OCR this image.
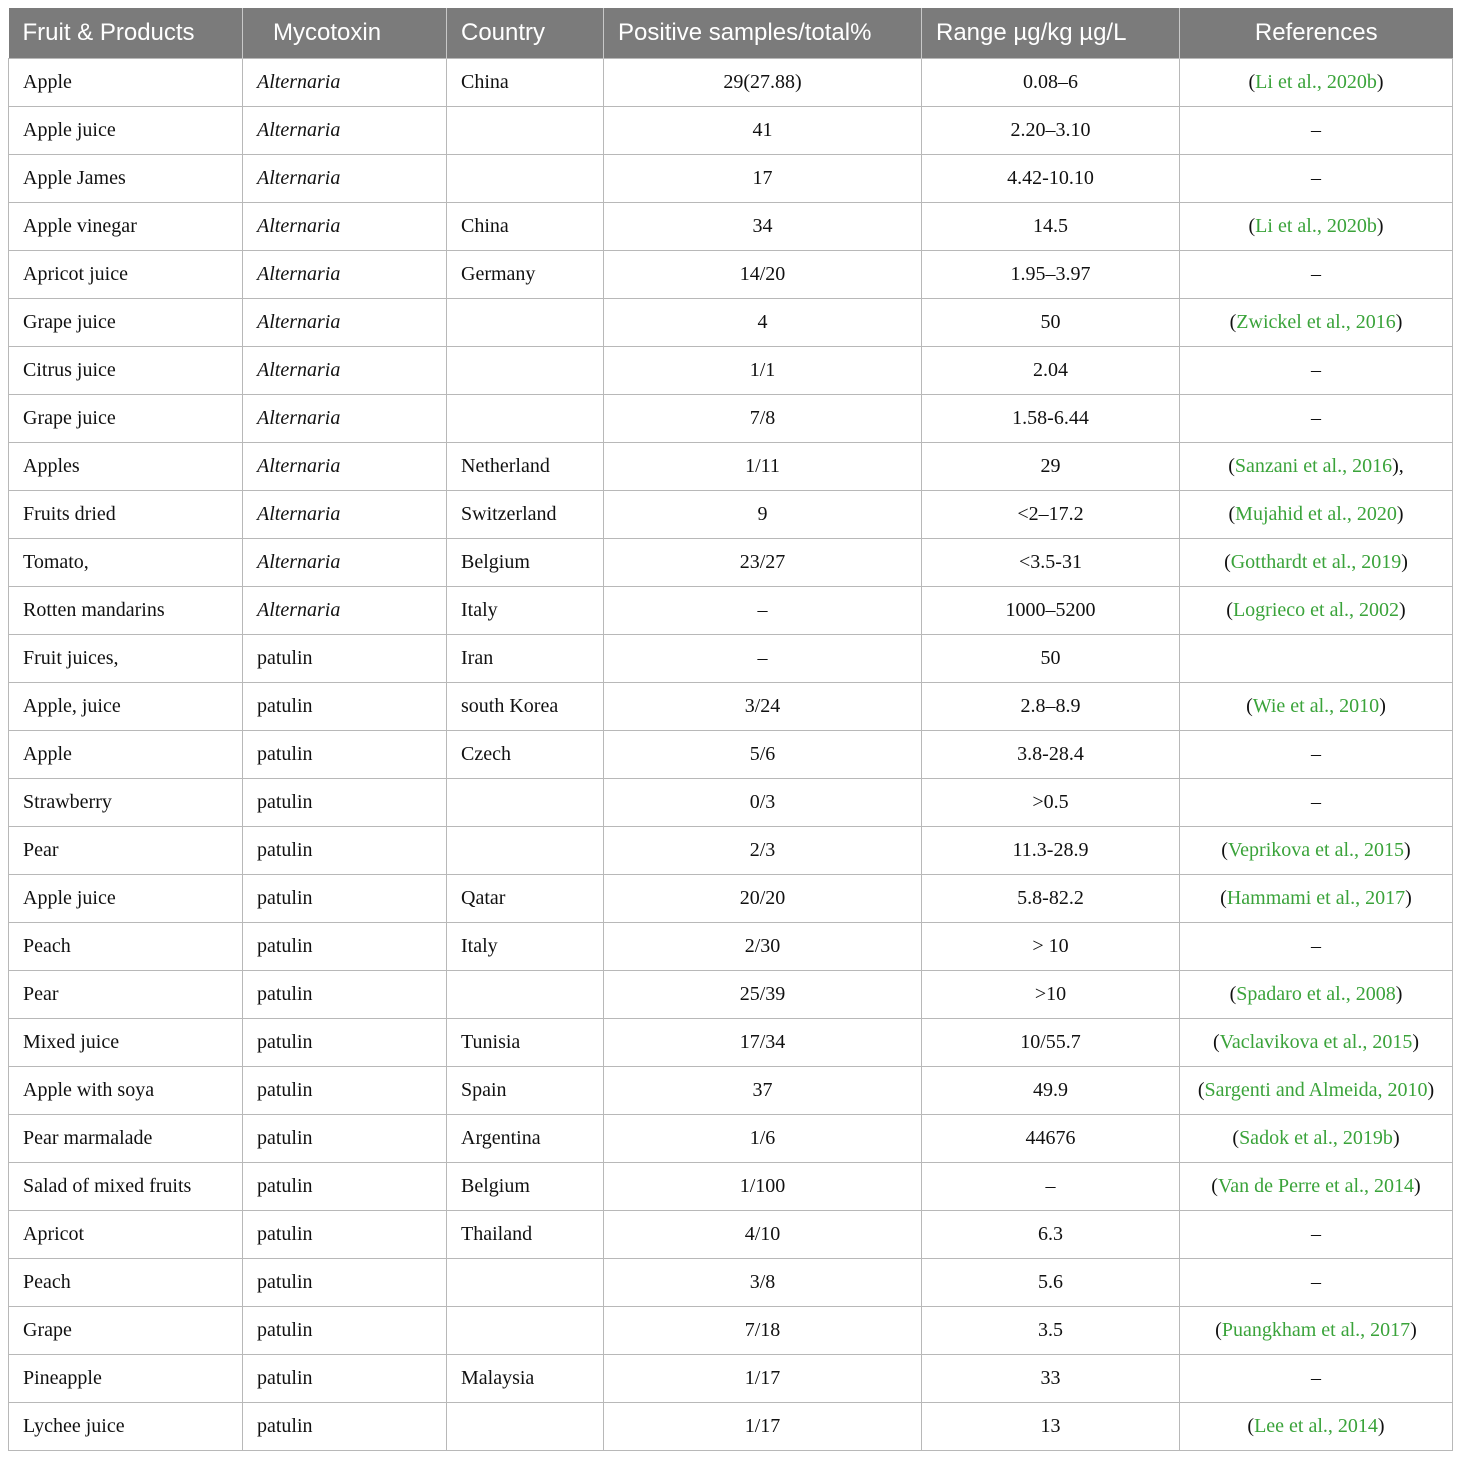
Fruit & Products	Mycotoxin	Country	Positive samples/total%	Range µg/kg µg/L	References
Apple	Alternaria	China	29(27.88)	0.08–6	(Li et al., 2020b)
Apple juice	Alternaria		41	2.20–3.10	–
Apple James	Alternaria		17	4.42-10.10	–
Apple vinegar	Alternaria	China	34	14.5	(Li et al., 2020b)
Apricot juice	Alternaria	Germany	14/20	1.95–3.97	–
Grape juice	Alternaria		4	50	(Zwickel et al., 2016)
Citrus juice	Alternaria		1/1	2.04	–
Grape juice	Alternaria		7/8	1.58-6.44	–
Apples	Alternaria	Netherland	1/11	29	(Sanzani et al., 2016),
Fruits dried	Alternaria	Switzerland	9	<2–17.2	(Mujahid et al., 2020)
Tomato,	Alternaria	Belgium	23/27	<3.5-31	(Gotthardt et al., 2019)
Rotten mandarins	Alternaria	Italy	–	1000–5200	(Logrieco et al., 2002)
Fruit juices,	patulin	Iran	–	50	
Apple, juice	patulin	south Korea	3/24	2.8–8.9	(Wie et al., 2010)
Apple	patulin	Czech	5/6	3.8-28.4	–
Strawberry	patulin		0/3	>0.5	–
Pear	patulin		2/3	11.3-28.9	(Veprikova et al., 2015)
Apple juice	patulin	Qatar	20/20	5.8-82.2	(Hammami et al., 2017)
Peach	patulin	Italy	2/30	> 10	–
Pear	patulin		25/39	>10	(Spadaro et al., 2008)
Mixed juice	patulin	Tunisia	17/34	10/55.7	(Vaclavikova et al., 2015)
Apple with soya	patulin	Spain	37	49.9	(Sargenti and Almeida, 2010)
Pear marmalade	patulin	Argentina	1/6	44676	(Sadok et al., 2019b)
Salad of mixed fruits	patulin	Belgium	1/100	–	(Van de Perre et al., 2014)
Apricot	patulin	Thailand	4/10	6.3	–
Peach	patulin		3/8	5.6	–
Grape	patulin		7/18	3.5	(Puangkham et al., 2017)
Pineapple	patulin	Malaysia	1/17	33	–
Lychee juice	patulin		1/17	13	(Lee et al., 2014)
